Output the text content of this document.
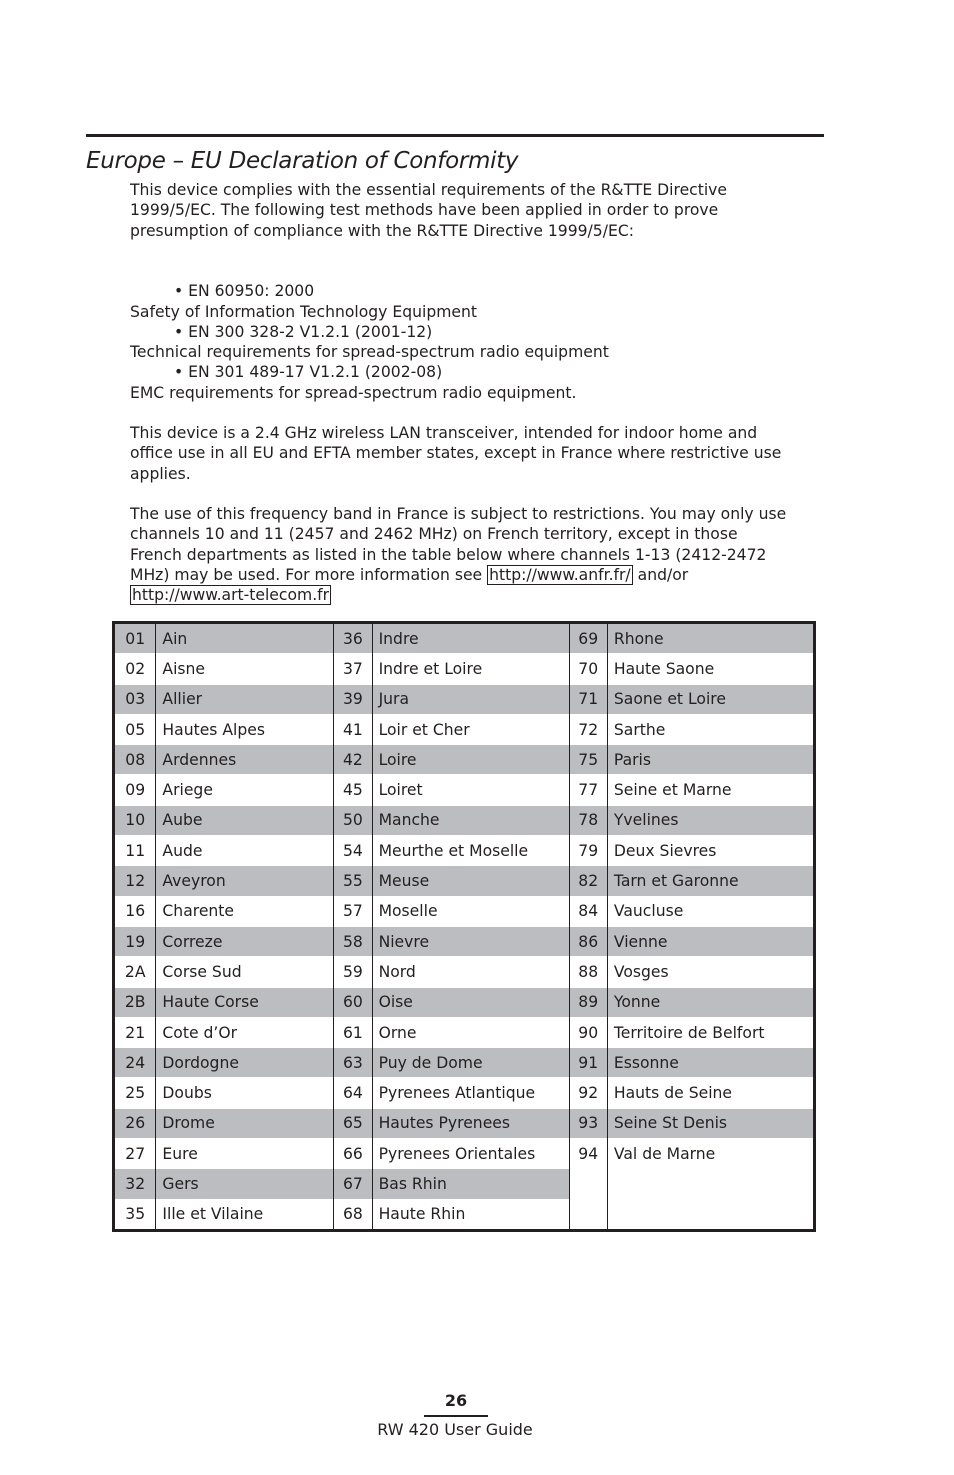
Europe – EU Declaration of Conformity

This device complies with the essential requirements of the R&TTE Directive 1999/5/EC. The following test methods have been applied in order to prove presumption of compliance with the R&TTE Directive 1999/5/EC:

• EN 60950: 2000

Safety of Information Technology Equipment

• EN 300 328-2 V1.2.1 (2001-12)

Technical requirements for spread-spectrum radio equipment

• EN 301 489-17 V1.2.1 (2002-08)

EMC requirements for spread-spectrum radio equipment.

This device is a 2.4 GHz wireless LAN transceiver, intended for indoor home and office use in all EU and EFTA member states, except in France where restrictive use applies.

The use of this frequency band in France is subject to restrictions. You may only use channels 10 and 11 (2457 and 2462 MHz) on French territory, except in those French departments as listed in the table below where channels 1-13 (2412-2472 MHz) may be used. For more information see http://www.anfr.fr/ and/or http://www.art-telecom.fr

01	Ain	36	Indre	69	Rhone
02	Aisne	37	Indre et Loire	70	Haute Saone
03	Allier	39	Jura	71	Saone et Loire
05	Hautes Alpes	41	Loir et Cher	72	Sarthe
08	Ardennes	42	Loire	75	Paris
09	Ariege	45	Loiret	77	Seine et Marne
10	Aube	50	Manche	78	Yvelines
11	Aude	54	Meurthe et Moselle	79	Deux Sievres
12	Aveyron	55	Meuse	82	Tarn et Garonne
16	Charente	57	Moselle	84	Vaucluse
19	Correze	58	Nievre	86	Vienne
2A	Corse Sud	59	Nord	88	Vosges
2B	Haute Corse	60	Oise	89	Yonne
21	Cote d’Or	61	Orne	90	Territoire de Belfort
24	Dordogne	63	Puy de Dome	91	Essonne
25	Doubs	64	Pyrenees Atlantique	92	Hauts de Seine
26	Drome	65	Hautes Pyrenees	93	Seine St Denis
27	Eure	66	Pyrenees Orientales	94	Val de Marne
32	Gers	67	Bas Rhin		
35	Ille et Vilaine	68	Haute Rhin		
26
RW 420 User Guide
